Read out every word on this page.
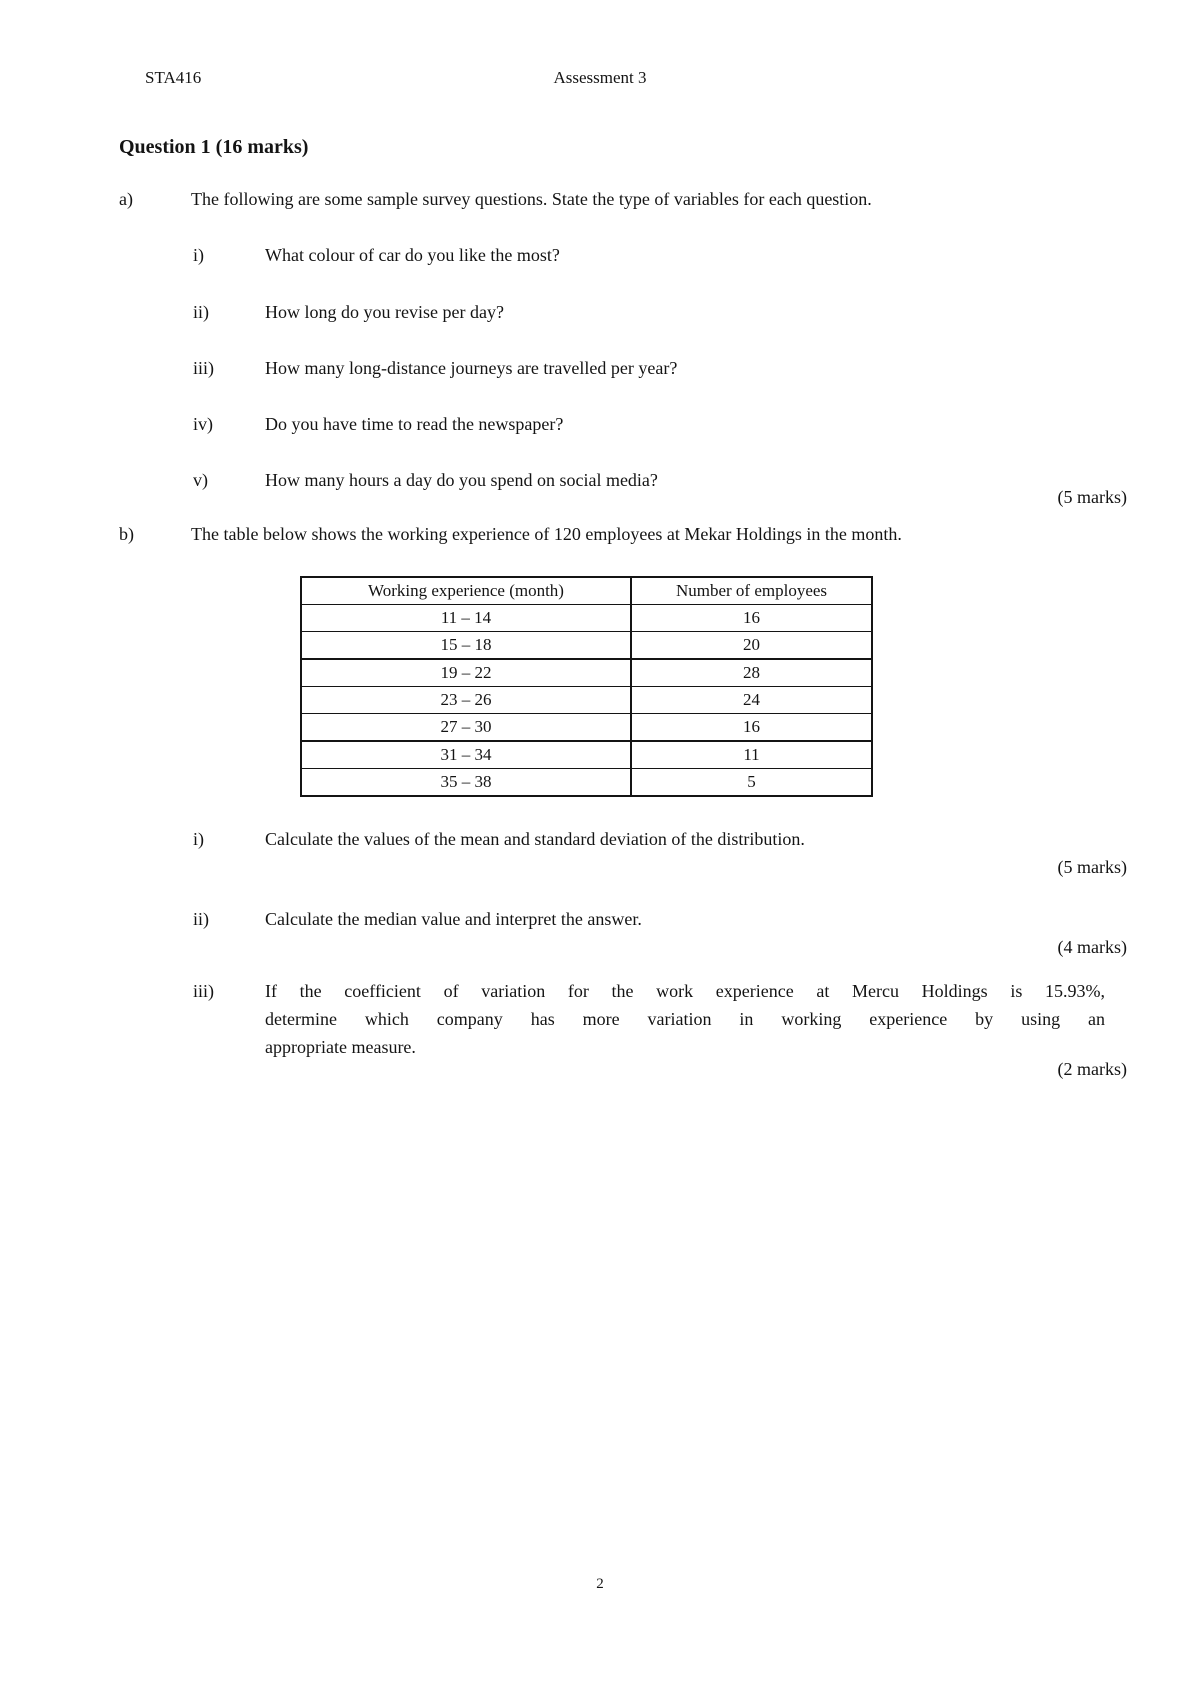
Assessment 3
STA416
Question 1 (16 marks)
a)	The following are some sample survey questions. State the type of variables for each question.
i)	What colour of car do you like the most?
ii)	How long do you revise per day?
iii)	How many long-distance journeys are travelled per year?
iv)	Do you have time to read the newspaper?
v)	How many hours a day do you spend on social media?
(5 marks)
b)	The table below shows the working experience of 120 employees at Mekar Holdings in the month.
Working experience (month)	Number of employees
11 – 14	16
15 – 18	20
19 – 22	28
23 – 26	24
27 – 30	16
31 – 34	11
35 – 38	5
i)	Calculate the values of the mean and standard deviation of the distribution.
(5 marks)
ii)	Calculate the median value and interpret the answer.
(4 marks)
iii)	If the coefficient of variation for the work experience at Mercu Holdings is 15.93%,
determine which company has more variation in working experience by using an
appropriate measure.
(2 marks)
2
